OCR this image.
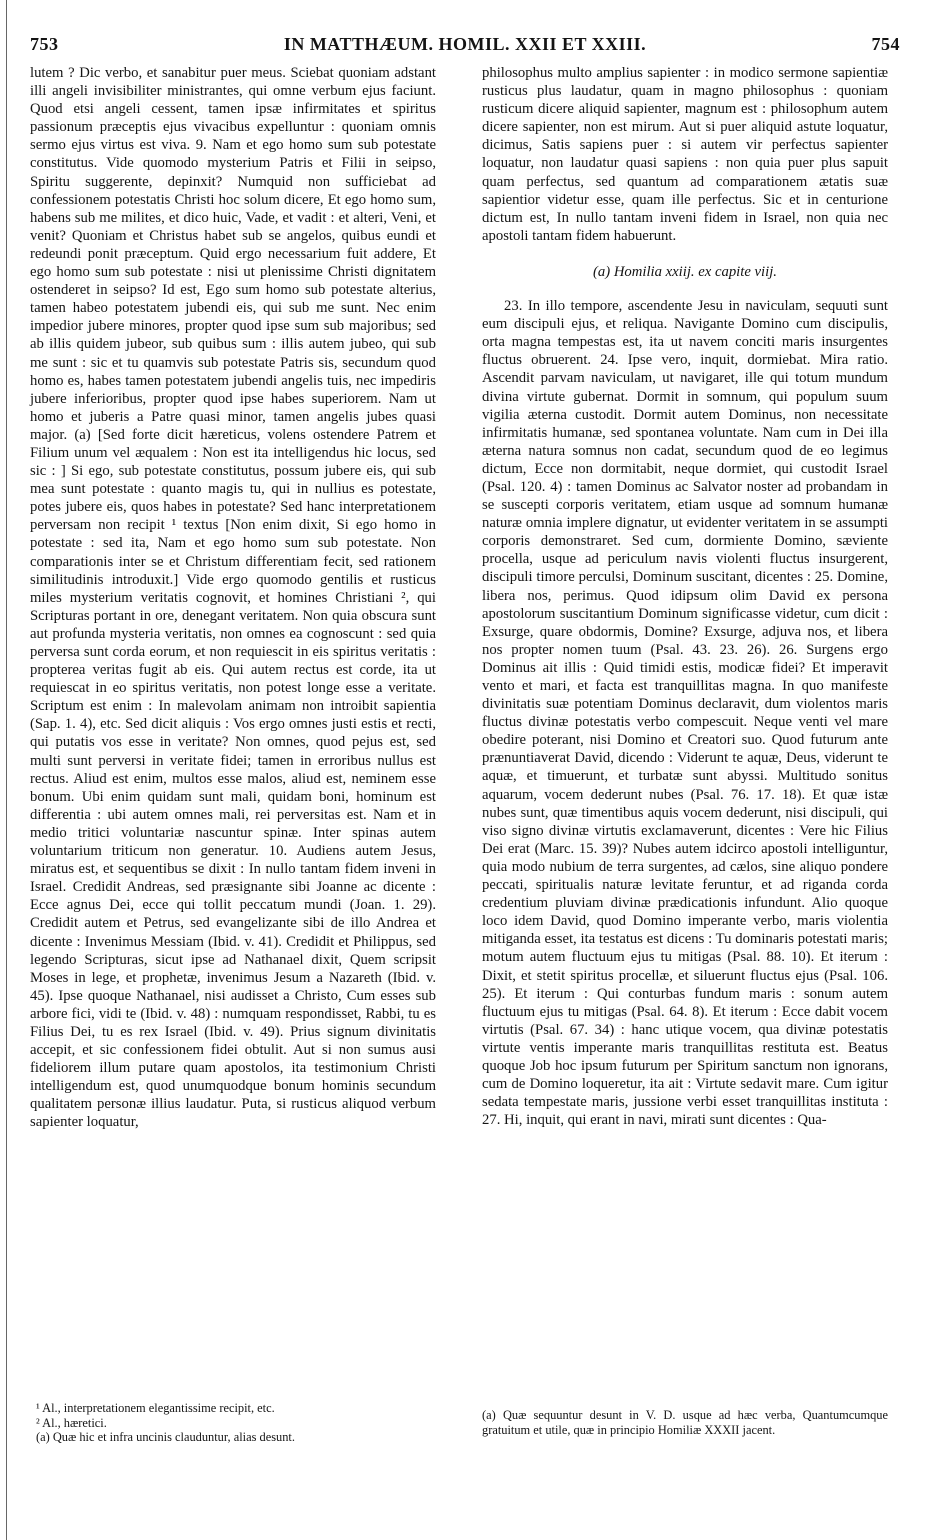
753	IN MATTHÆUM. HOMIL. XXII ET XXIII.	754

lutem ? Dic verbo, et sanabitur puer meus. Sciebat quoniam adstant illi angeli invisibiliter ministrantes, qui omne verbum ejus faciunt. Quod etsi angeli cessent, tamen ipsæ infirmitates et spiritus passionum præceptis ejus vivacibus expelluntur : quoniam omnis sermo ejus virtus est viva. 9. Nam et ego homo sum sub potestate constitutus. Vide quomodo mysterium Patris et Filii in seipso, Spiritu suggerente, depinxit? Numquid non sufficiebat ad confessionem potestatis Christi hoc solum dicere, Et ego homo sum, habens sub me milites, et dico huic, Vade, et vadit : et alteri, Veni, et venit? Quoniam et Christus habet sub se angelos, quibus eundi et redeundi ponit præceptum. Quid ergo necessarium fuit addere, Et ego homo sum sub potestate : nisi ut plenissime Christi dignitatem ostenderet in seipso? Id est, Ego sum homo sub potestate alterius, tamen habeo potestatem jubendi eis, qui sub me sunt. Nec enim impedior jubere minores, propter quod ipse sum sub majoribus; sed ab illis quidem jubeor, sub quibus sum : illis autem jubeo, qui sub me sunt : sic et tu quamvis sub potestate Patris sis, secundum quod homo es, habes tamen potestatem jubendi angelis tuis, nec impediris jubere inferioribus, propter quod ipse habes superiorem. Nam ut homo et juberis a Patre quasi minor, tamen angelis jubes quasi major. (a) [Sed forte dicit hæreticus, volens ostendere Patrem et Filium unum vel æqualem : Non est ita intelligendus hic locus, sed sic : ] Si ego, sub potestate constitutus, possum jubere eis, qui sub mea sunt potestate : quanto magis tu, qui in nullius es potestate, potes jubere eis, quos habes in potestate? Sed hanc interpretationem perversam non recipit ¹ textus [Non enim dixit, Si ego homo in potestate : sed ita, Nam et ego homo sum sub potestate. Non comparationis inter se et Christum differentiam fecit, sed rationem similitudinis introduxit.] Vide ergo quomodo gentilis et rusticus miles mysterium veritatis cognovit, et homines Christiani ², qui Scripturas portant in ore, denegant veritatem. Non quia obscura sunt aut profunda mysteria veritatis, non omnes ea cognoscunt : sed quia perversa sunt corda eorum, et non requiescit in eis spiritus veritatis : propterea veritas fugit ab eis. Qui autem rectus est corde, ita ut requiescat in eo spiritus veritatis, non potest longe esse a veritate. Scriptum est enim : In malevolam animam non introibit sapientia (Sap. 1. 4), etc. Sed dicit aliquis : Vos ergo omnes justi estis et recti, qui putatis vos esse in veritate? Non omnes, quod pejus est, sed multi sunt perversi in veritate fidei; tamen in erroribus nullus est rectus. Aliud est enim, multos esse malos, aliud est, neminem esse bonum. Ubi enim quidam sunt mali, quidam boni, hominum est differentia : ubi autem omnes mali, rei perversitas est. Nam et in medio tritici voluntariæ nascuntur spinæ. Inter spinas autem voluntarium triticum non generatur. 10. Audiens autem Jesus, miratus est, et sequentibus se dixit : In nullo tantam fidem inveni in Israel. Credidit Andreas, sed præsignante sibi Joanne ac dicente : Ecce agnus Dei, ecce qui tollit peccatum mundi (Joan. 1. 29). Credidit autem et Petrus, sed evangelizante sibi de illo Andrea et dicente : Invenimus Messiam (Ibid. v. 41). Credidit et Philippus, sed legendo Scripturas, sicut ipse ad Nathanael dixit, Quem scripsit Moses in lege, et prophetæ, invenimus Jesum a Nazareth (Ibid. v. 45). Ipse quoque Nathanael, nisi audisset a Christo, Cum esses sub arbore fici, vidi te (Ibid. v. 48) : numquam respondisset, Rabbi, tu es Filius Dei, tu es rex Israel (Ibid. v. 49). Prius signum divinitatis accepit, et sic confessionem fidei obtulit. Aut si non sumus ausi fideliorem illum putare quam apostolos, ita testimonium Christi intelligendum est, quod unumquodque bonum hominis secundum qualitatem personæ illius laudatur. Puta, si rusticus aliquod verbum sapienter loquatur,

philosophus multo amplius sapienter : in modico sermone sapientiæ rusticus plus laudatur, quam in magno philosophus : quoniam rusticum dicere aliquid sapienter, magnum est : philosophum autem dicere sapienter, non est mirum. Aut si puer aliquid astute loquatur, dicimus, Satis sapiens puer : si autem vir perfectus sapienter loquatur, non laudatur quasi sapiens : non quia puer plus sapuit quam perfectus, sed quantum ad comparationem ætatis suæ sapientior videtur esse, quam ille perfectus. Sic et in centurione dictum est, In nullo tantam inveni fidem in Israel, non quia nec apostoli tantam fidem habuerunt.

(a) Homilia xxiij. ex capite viij.

23. In illo tempore, ascendente Jesu in naviculam, sequuti sunt eum discipuli ejus, et reliqua. Navigante Domino cum discipulis, orta magna tempestas est, ita ut navem conciti maris insurgentes fluctus obruerent. 24. Ipse vero, inquit, dormiebat. Mira ratio. Ascendit parvam naviculam, ut navigaret, ille qui totum mundum divina virtute gubernat. Dormit in somnum, qui populum suum vigilia æterna custodit. Dormit autem Dominus, non necessitate infirmitatis humanæ, sed spontanea voluntate. Nam cum in Dei illa æterna natura somnus non cadat, secundum quod de eo legimus dictum, Ecce non dormitabit, neque dormiet, qui custodit Israel (Psal. 120. 4) : tamen Dominus ac Salvator noster ad probandam in se suscepti corporis veritatem, etiam usque ad somnum humanæ naturæ omnia implere dignatur, ut evidenter veritatem in se assumpti corporis demonstraret. Sed cum, dormiente Domino, sæviente procella, usque ad periculum navis violenti fluctus insurgerent, discipuli timore perculsi, Dominum suscitant, dicentes : 25. Domine, libera nos, perimus. Quod idipsum olim David ex persona apostolorum suscitantium Dominum significasse videtur, cum dicit : Exsurge, quare obdormis, Domine? Exsurge, adjuva nos, et libera nos propter nomen tuum (Psal. 43. 23. 26). 26. Surgens ergo Dominus ait illis : Quid timidi estis, modicæ fidei? Et imperavit vento et mari, et facta est tranquillitas magna. In quo manifeste divinitatis suæ potentiam Dominus declaravit, dum violentos maris fluctus divinæ potestatis verbo compescuit. Neque venti vel mare obedire poterant, nisi Domino et Creatori suo. Quod futurum ante prænuntiaverat David, dicendo : Viderunt te aquæ, Deus, viderunt te aquæ, et timuerunt, et turbatæ sunt abyssi. Multitudo sonitus aquarum, vocem dederunt nubes (Psal. 76. 17. 18). Et quæ istæ nubes sunt, quæ timentibus aquis vocem dederunt, nisi discipuli, qui viso signo divinæ virtutis exclamaverunt, dicentes : Vere hic Filius Dei erat (Marc. 15. 39)? Nubes autem idcirco apostoli intelliguntur, quia modo nubium de terra surgentes, ad cælos, sine aliquo pondere peccati, spiritualis naturæ levitate feruntur, et ad riganda corda credentium pluviam divinæ prædicationis infundunt. Alio quoque loco idem David, quod Domino imperante verbo, maris violentia mitiganda esset, ita testatus est dicens : Tu dominaris potestati maris; motum autem fluctuum ejus tu mitigas (Psal. 88. 10). Et iterum : Dixit, et stetit spiritus procellæ, et siluerunt fluctus ejus (Psal. 106. 25). Et iterum : Qui conturbas fundum maris : sonum autem fluctuum ejus tu mitigas (Psal. 64. 8). Et iterum : Ecce dabit vocem virtutis (Psal. 67. 34) : hanc utique vocem, qua divinæ potestatis virtute ventis imperante maris tranquillitas restituta est. Beatus quoque Job hoc ipsum futurum per Spiritum sanctum non ignorans, cum de Domino loqueretur, ita ait : Virtute sedavit mare. Cum igitur sedata tempestate maris, jussione verbi esset tranquillitas instituta : 27. Hi, inquit, qui erant in navi, mirati sunt dicentes : Qua-

¹ Al., interpretationem elegantissime recipit, etc.

² Al., hæretici.

(a) Quæ hic et infra uncinis clauduntur, alias desunt.

(a) Quæ sequuntur desunt in V. D. usque ad hæc verba, Quantumcumque gratuitum et utile, quæ in principio Homiliæ XXXII jacent.
